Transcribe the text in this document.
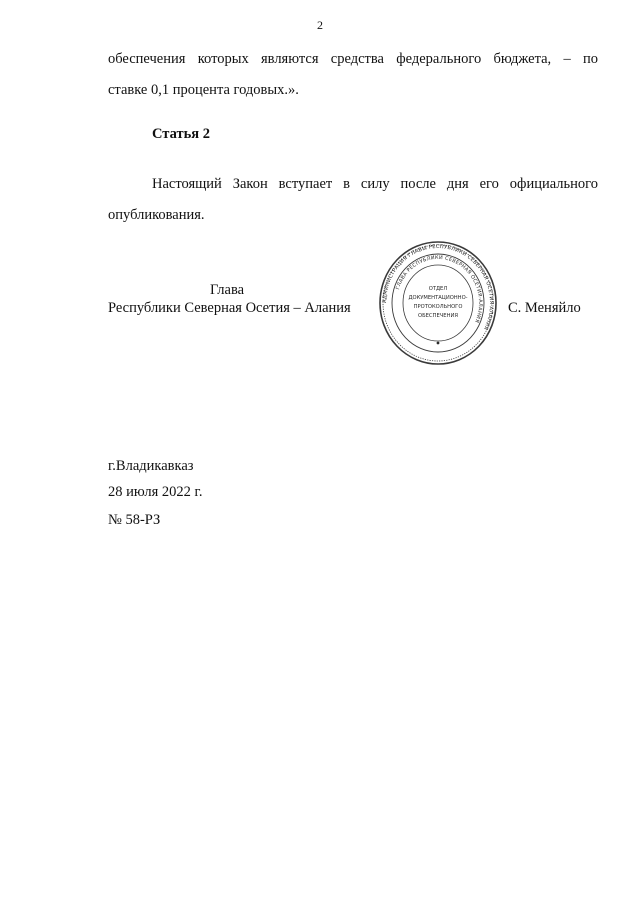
2
обеспечения которых являются средства федерального бюджета, – по
ставке 0,1 процента годовых.».
Статья 2
Настоящий Закон вступает в силу после дня его официального
опубликования.
Глава
Республики Северная Осетия – Алания	АДМИНИСТРАЦИЯ ГЛАВЫ РЕСПУБЛИКИ СЕВЕРНАЯ ОСЕТИЯ-АЛАНИЯ
ГЛАВА РЕСПУБЛИКИ СЕВЕРНАЯ ОСЕТИЯ-АЛАНИЯ
ОТДЕЛ
ДОКУМЕНТАЦИОННО-
ПРОТОКОЛЬНОГО
ОБЕСПЕЧЕНИЯ	С. Меняйло
г.Владикавказ
28 июля 2022 г.
№ 58-РЗ
